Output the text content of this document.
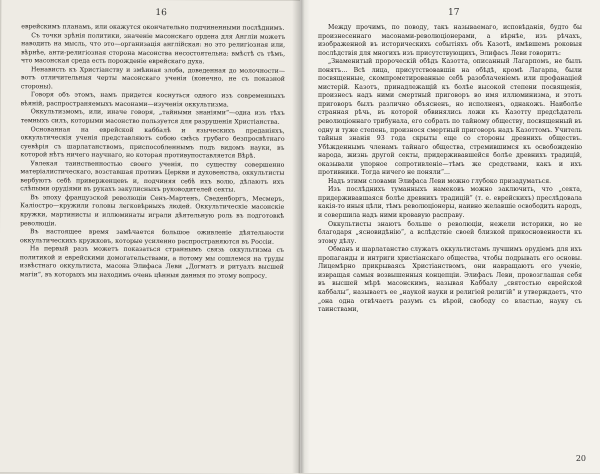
16

еврейскимъ планамъ, или окажутся окончательно подчиненными послѣднимъ.

Съ точки зрѣнія политики, значеніе масонскаго ордена для Англіи можетъ наводить на мысль, что это—организація англійская: но это религіозная или, вѣрнѣе, анти-религіозная сторона масонства несостоятельна: вмѣстѣ съ тѣмъ, что масонская среда есть порожденіе еврейскаго духа.

Ненависть къ Христіанству и змѣиная злоба, доведенная до молочности—вотъ отличительныя черты масонскаго ученія (конечно, не съ показной стороны).

Говоря объ этомъ, намъ придется коснуться одного изъ современныхъ вѣяній, распространяемыхъ масонами—изученія оккультизма.

Оккультизмомъ, или, иначе говоря, „тайными знаніями“—одна изъ тѣхъ темныхъ силъ, которыми масонство пользуется для разрушенія Христіанства.

Основанная на еврейской каббалѣ и языческихъ преданіяхъ, оккультическія ученія представляютъ собою смѣсь грубаго безпросвѣтнаго суевѣрія съ шарлатанствомъ, приспособленнымъ подъ видомъ науки, въ которой нѣтъ ничего научнаго, но которая противупоставляется Вѣрѣ.

Увлекая таинственностью своего ученія, по существу совершенно матеріалистическаго, возставшая противъ Церкви и духовенства, оккультисты вербуютъ себѣ приверженцевъ и, подчиняя себѣ ихъ волю, дѣлаютъ ихъ слѣпыми орудіями въ рукахъ закулисныхъ руководителей секты.

Въ эпоху французской революціи Сенъ-Мартенъ, Сведенборгъ, Месмеръ, Каліостро—кружили головы легковѣрныхъ людей. Оккультическіе масонскіе кружки, мартинисты и иллюминаты играли дѣятельную роль въ подготовкѣ революціи.

Въ настоящее время замѣчается большое оживленіе дѣятельности оккультическихъ кружковъ, которые усиленно распространяются въ Россіи.

На первый разъ можетъ показаться страннымъ связь оккультизма съ политикой и еврейскими домогательствами, а потому мы сошлемся на труды извѣстнаго оккультиста, масона Элифаса Леви „Догматъ и ритуалъ высшей магіи“, въ которыхъ мы находимъ очень цѣнныя данныя по этому вопросу.

17

Между прочимъ, по поводу, такъ называемаго, исповѣданія, будто бы произнесеннаго масонами-революціонерами, а вѣрнѣе, изъ рѣчахъ, изображенной въ историческихъ событіяхъ объ Казотѣ, имѣвшемъ роковыя послѣдствія для многихъ изъ присутствующихъ, Элифасъ Леви говоритъ:

„Знаменитый пророческій обѣдъ Казотта, описанный Лагарпомъ, не былъ понятъ... Всѣ лица, присутствовавшія на обѣдѣ, кромѣ Лагарпа, были посвященные, скомпрометированные себѣ разоблаченіемъ или профанаціей мистерій. Казотъ, принадлежащій къ болѣе высокой степени посвященія, произнесъ надъ ними смертный приговоръ во имя иллюминизма, и этотъ приговоръ былъ различно объясненъ, но исполненъ, однакожъ. Наиболѣе странная рѣчь, въ которой обвинялись ложи къ Казотту предсѣдатель революціоннаго трибунала, его собрать по тайному обществу, посвященный въ одну и тужe степень, произнося смертный приговоръ надъ Казоттомъ. Учитель тайныя знанія 93 года скрыты еще со стороны древнихъ обществъ. Убѣжденнымъ членамъ тайнаго общества, стремившимся къ освобожденію народа, жизнь другой секты, придерживавшейся болѣе древнихъ традицій, оказывали упорное сопротивленіе—тѣмъ же средствами, какъ и ихъ противники. Тогда ничего не поняли“...

Надъ этими словами Элифаса Леви можно глубоко призадуматься.

Изъ послѣднихъ туманныхъ намековъ можно заключить, что „секта, придерживавшаяся болѣе древнихъ традицій“ (т. е. еврейскихъ) преслѣдовала какія-то иныя цѣли, тѣмъ революціонеры, наивно желавшіе освободить народъ, и совершила надъ ними кровавую расправу.

Оккультисты знаютъ больше о революціи, нежели историки, но не благодаря „ясновидѣнію“, а вслѣдствіе своей близкой прикосновенности къ этому дѣлу.

Обманъ и шарлатанство служатъ оккультистамъ лучшимъ орудіемъ для ихъ пропаганды и интриги христіанскаго общества, чтобы подрывать его основы. Лицемѣрно прикрываясь Христіанствомъ, они навращаютъ его ученіе, извращая самыя возвышенныя концепціи. Элифасъ Леви, провозглашая себя въ высшей мѣрѣ масонскимъ, называя Каббалу „святостью еврейской каббалы“, называетъ ее „наукой науки и религіей религій“ и утверждаетъ, что „она одна отвѣчаетъ разумъ съ вѣрой, свободу со властью, науку съ таинствами,

20
